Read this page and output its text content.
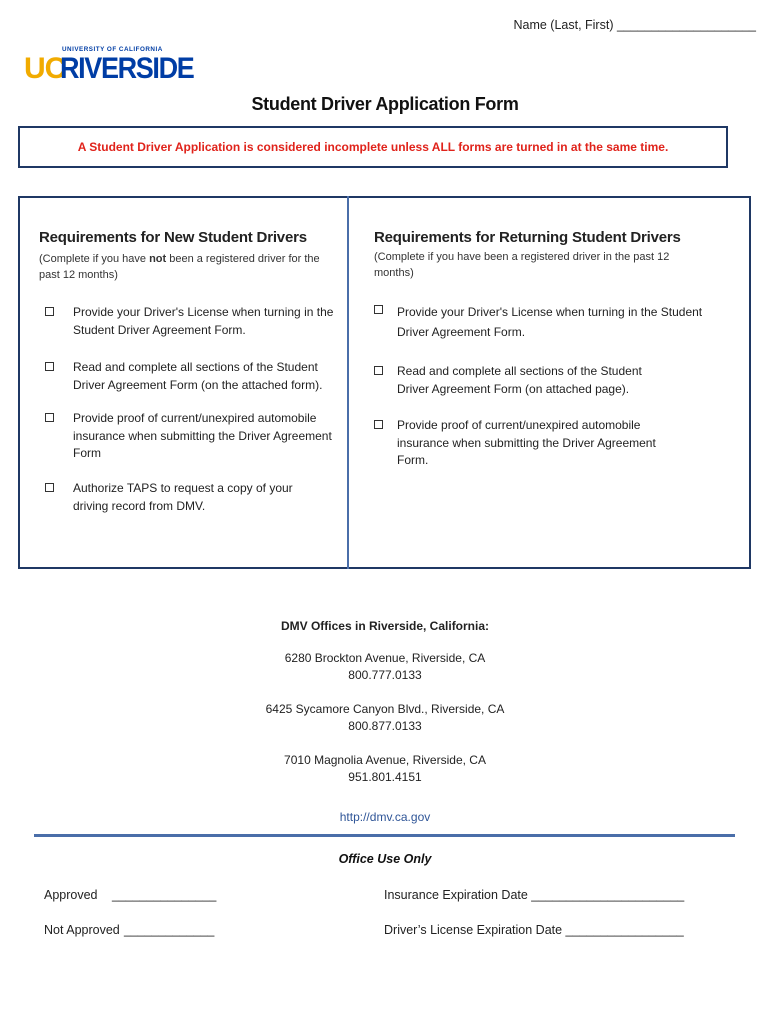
Name (Last, First) ____________________
UNIVERSITY OF CALIFORNIA
UC
RIVERSIDE
Student Driver Application Form
A Student Driver Application is considered incomplete unless ALL forms are turned in at the same time.
Requirements for New Student Drivers
(Complete if you have not been a registered driver for the past 12 months)
Provide your Driver's License when turning in the Student Driver Agreement Form.
Read and complete all sections of the Student Driver Agreement Form (on the attached form).
Provide proof of current/unexpired automobile insurance when submitting the Driver Agreement Form
Authorize TAPS to request a copy of your driving record from DMV.
Requirements for Returning Student Drivers
(Complete if you have been a registered driver in the past 12 months)
Provide your Driver's License when turning in the Student Driver Agreement Form.
Read and complete all sections of the Student Driver Agreement Form (on attached page).
Provide proof of current/unexpired automobile insurance when submitting the Driver Agreement Form.
DMV Offices in Riverside, California:
6280 Brockton Avenue, Riverside, CA
800.777.0133
6425 Sycamore Canyon Blvd., Riverside, CA
800.877.0133
7010 Magnolia Avenue, Riverside, CA
951.801.4151
http://dmv.ca.gov
Office Use Only
Approved _______________
Not Approved _____________
Insurance Expiration Date ______________________
Driver’s License Expiration Date _________________
